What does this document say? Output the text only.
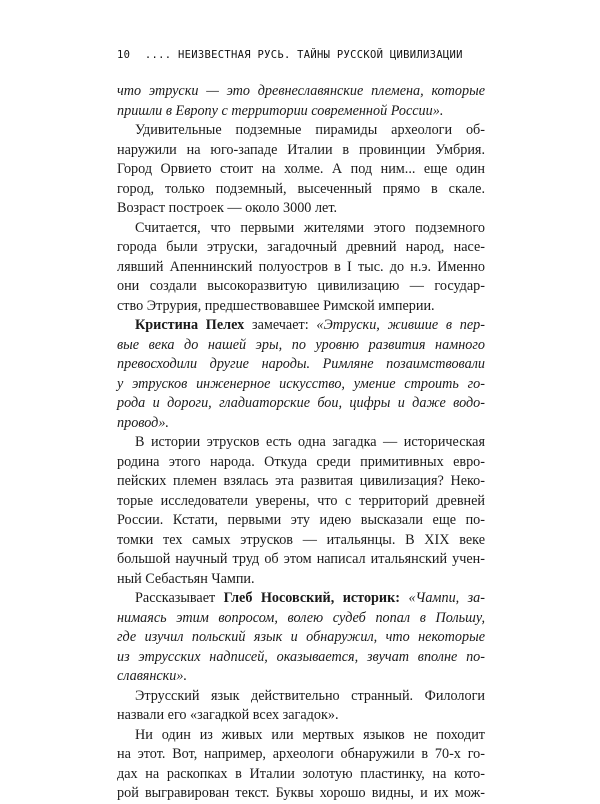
10 .... НЕИЗВЕСТНАЯ РУСЬ. ТАЙНЫ РУССКОЙ ЦИВИЛИЗАЦИИ
что этруски — это древнеславянские племена, которые
пришли в Европу с территории современной России».
Удивительные подземные пирамиды археологи об-
наружили на юго-западе Италии в провинции Умбрия.
Город Орвието стоит на холме. А под ним... еще один
город, только подземный, высеченный прямо в скале.
Возраст построек — около 3000 лет.
Считается, что первыми жителями этого подземного
города были этруски, загадочный древний народ, насе-
лявший Апеннинский полуостров в I тыс. до н.э. Именно
они создали высокоразвитую цивилизацию — государ-
ство Этрурия, предшествовавшее Римской империи.
Кристина Пелех замечает: «Этруски, жившие в пер-
вые века до нашей эры, по уровню развития намного
превосходили другие народы. Римляне позаимствовали
у этрусков инженерное искусство, умение строить го-
рода и дороги, гладиаторские бои, цифры и даже водо-
провод».
В истории этрусков есть одна загадка — историческая
родина этого народа. Откуда среди примитивных евро-
пейских племен взялась эта развитая цивилизация? Неко-
торые исследователи уверены, что с территорий древней
России. Кстати, первыми эту идею высказали еще по-
томки тех самых этрусков — итальянцы. В XIX веке
большой научный труд об этом написал итальянский учен-
ный Себастьян Чампи.
Рассказывает Глеб Носовский, историк: «Чампи, за-
нимаясь этим вопросом, волею судеб попал в Польшу,
где изучил польский язык и обнаружил, что некоторые
из этрусских надписей, оказывается, звучат вполне по-
славянски».
Этрусский язык действительно странный. Филологи
назвали его «загадкой всех загадок».
Ни один из живых или мертвых языков не походит
на этот. Вот, например, археологи обнаружили в 70-х го-
дах на раскопках в Италии золотую пластинку, на кото-
рой выгравирован текст. Буквы хорошо видны, и их мож-
